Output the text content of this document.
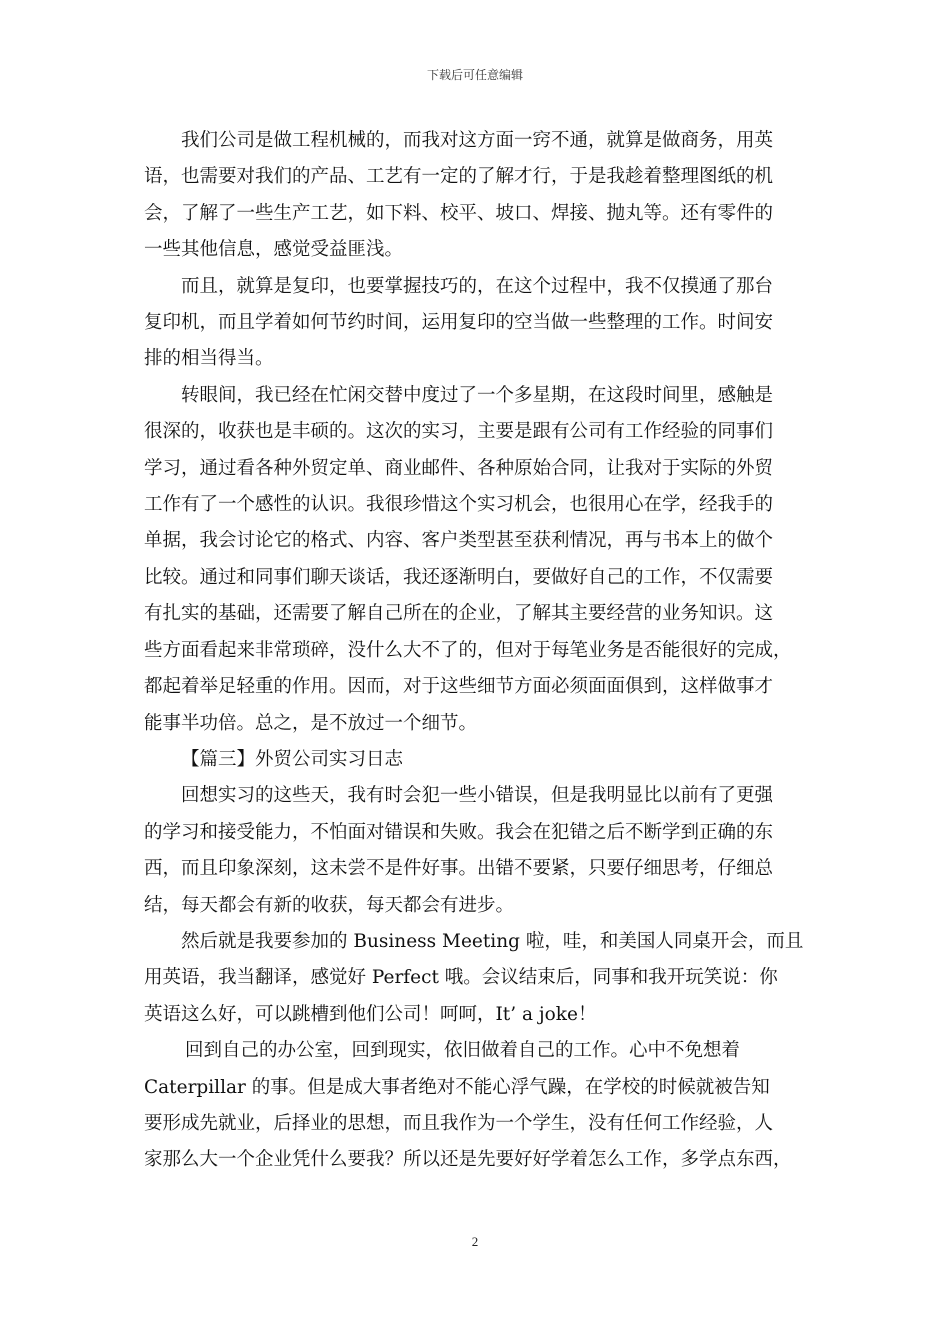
下载后可任意编辑

我们公司是做工程机械的，而我对这方面一窍不通，就算是做商务，用英

语，也需要对我们的产品、工艺有一定的了解才行，于是我趁着整理图纸的机

会，了解了一些生产工艺，如下料、校平、坡口、焊接、抛丸等。还有零件的

一些其他信息，感觉受益匪浅。

而且，就算是复印，也要掌握技巧的，在这个过程中，我不仅摸通了那台

复印机，而且学着如何节约时间，运用复印的空当做一些整理的工作。时间安

排的相当得当。

转眼间，我已经在忙闲交替中度过了一个多星期，在这段时间里，感触是

很深的，收获也是丰硕的。这次的实习，主要是跟有公司有工作经验的同事们

学习，通过看各种外贸定单、商业邮件、各种原始合同，让我对于实际的外贸

工作有了一个感性的认识。我很珍惜这个实习机会，也很用心在学，经我手的

单据，我会讨论它的格式、内容、客户类型甚至获利情况，再与书本上的做个

比较。通过和同事们聊天谈话，我还逐渐明白，要做好自己的工作，不仅需要

有扎实的基础，还需要了解自己所在的企业，了解其主要经营的业务知识。这

些方面看起来非常琐碎，没什么大不了的，但对于每笔业务是否能很好的完成，

都起着举足轻重的作用。因而，对于这些细节方面必须面面俱到，这样做事才

能事半功倍。总之，是不放过一个细节。

【篇三】外贸公司实习日志

回想实习的这些天，我有时会犯一些小错误，但是我明显比以前有了更强

的学习和接受能力，不怕面对错误和失败。我会在犯错之后不断学到正确的东

西，而且印象深刻，这未尝不是件好事。出错不要紧，只要仔细思考，仔细总

结，每天都会有新的收获，每天都会有进步。

然后就是我要参加的 Business Meeting 啦，哇，和美国人同桌开会，而且

用英语，我当翻译，感觉好 Perfect 哦。会议结束后，同事和我开玩笑说：你

英语这么好，可以跳槽到他们公司！呵呵，It’ a joke！

回到自己的办公室，回到现实，依旧做着自己的工作。心中不免想着

Caterpillar 的事。但是成大事者绝对不能心浮气躁，在学校的时候就被告知

要形成先就业，后择业的思想，而且我作为一个学生，没有任何工作经验，人

家那么大一个企业凭什么要我？所以还是先要好好学着怎么工作，多学点东西，

2
